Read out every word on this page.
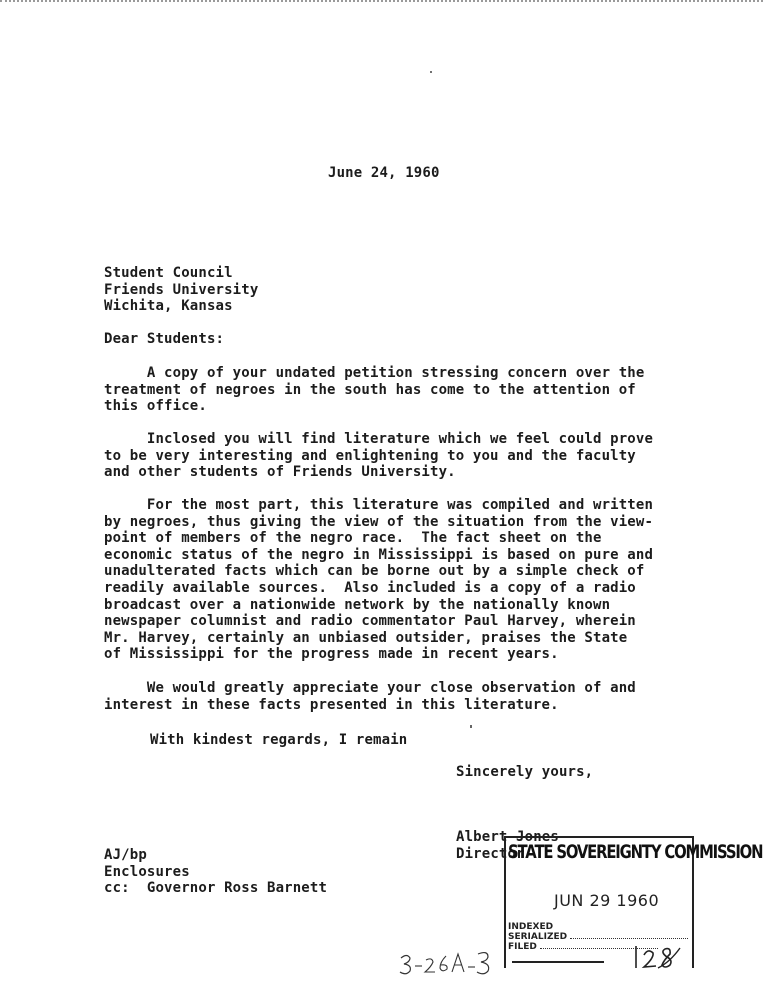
June 24, 1960
Student Council
Friends University
Wichita, Kansas
Dear Students:
A copy of your undated petition stressing concern over the
treatment of negroes in the south has come to the attention of
this office.
Inclosed you will find literature which we feel could prove
to be very interesting and enlightening to you and the faculty
and other students of Friends University.
For the most part, this literature was compiled and written
by negroes, thus giving the view of the situation from the view-
point of members of the negro race.  The fact sheet on the
economic status of the negro in Mississippi is based on pure and
unadulterated facts which can be borne out by a simple check of
readily available sources.  Also included is a copy of a radio
broadcast over a nationwide network by the nationally known
newspaper columnist and radio commentator Paul Harvey, wherein
Mr. Harvey, certainly an unbiased outsider, praises the State
of Mississippi for the progress made in recent years.
We would greatly appreciate your close observation of and
interest in these facts presented in this literature.
With kindest regards, I remain
Sincerely yours,
Albert Jones
Director
AJ/bp
Enclosures
cc:  Governor Ross Barnett
STATE SOVEREIGNTY COMMISSION
JUN 29 1960
INDEXED
SERIALIZED
FILED
